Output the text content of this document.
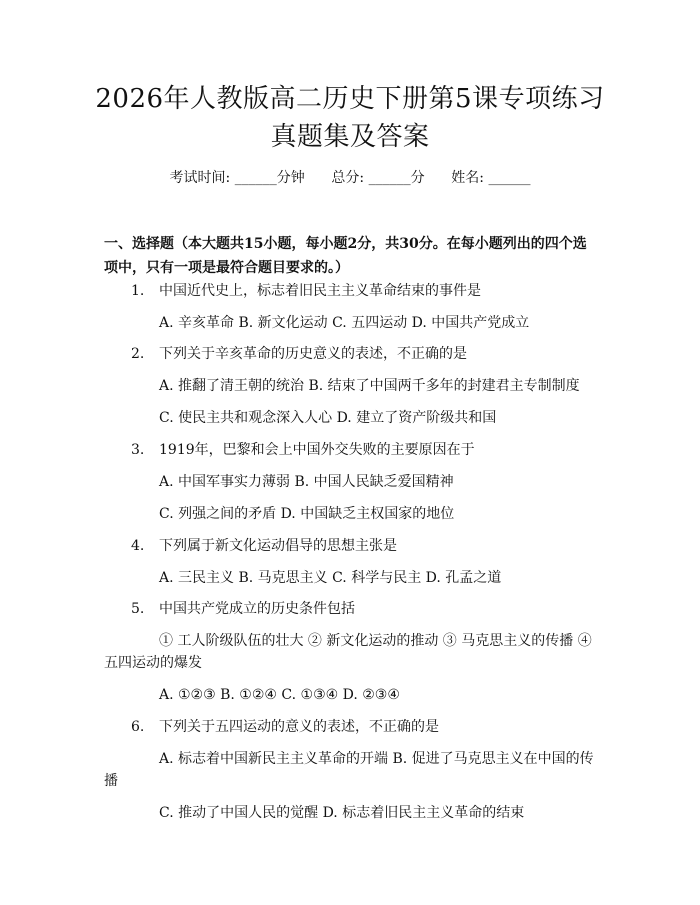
2026年人教版高二历史下册第5课专项练习
真题集及答案
考试时间: ______分钟      总分: ______分      姓名: ______
一、选择题（本大题共15小题，每小题2分，共30分。在每小题列出的四个选
项中，只有一项是最符合题目要求的。）
1. 中国近代史上，标志着旧民主主义革命结束的事件是
A. 辛亥革命 B. 新文化运动 C. 五四运动 D. 中国共产党成立
2. 下列关于辛亥革命的历史意义的表述，不正确的是
A. 推翻了清王朝的统治 B. 结束了中国两千多年的封建君主专制制度
C. 使民主共和观念深入人心 D. 建立了资产阶级共和国
3. 1919年，巴黎和会上中国外交失败的主要原因在于
A. 中国军事实力薄弱 B. 中国人民缺乏爱国精神
C. 列强之间的矛盾 D. 中国缺乏主权国家的地位
4. 下列属于新文化运动倡导的思想主张是
A. 三民主义 B. 马克思主义 C. 科学与民主 D. 孔孟之道
5. 中国共产党成立的历史条件包括
① 工人阶级队伍的壮大 ② 新文化运动的推动 ③ 马克思主义的传播 ④
五四运动的爆发
A. ①②③ B. ①②④ C. ①③④ D. ②③④
6. 下列关于五四运动的意义的表述，不正确的是
A. 标志着中国新民主主义革命的开端 B. 促进了马克思主义在中国的传
播
C. 推动了中国人民的觉醒 D. 标志着旧民主主义革命的结束
